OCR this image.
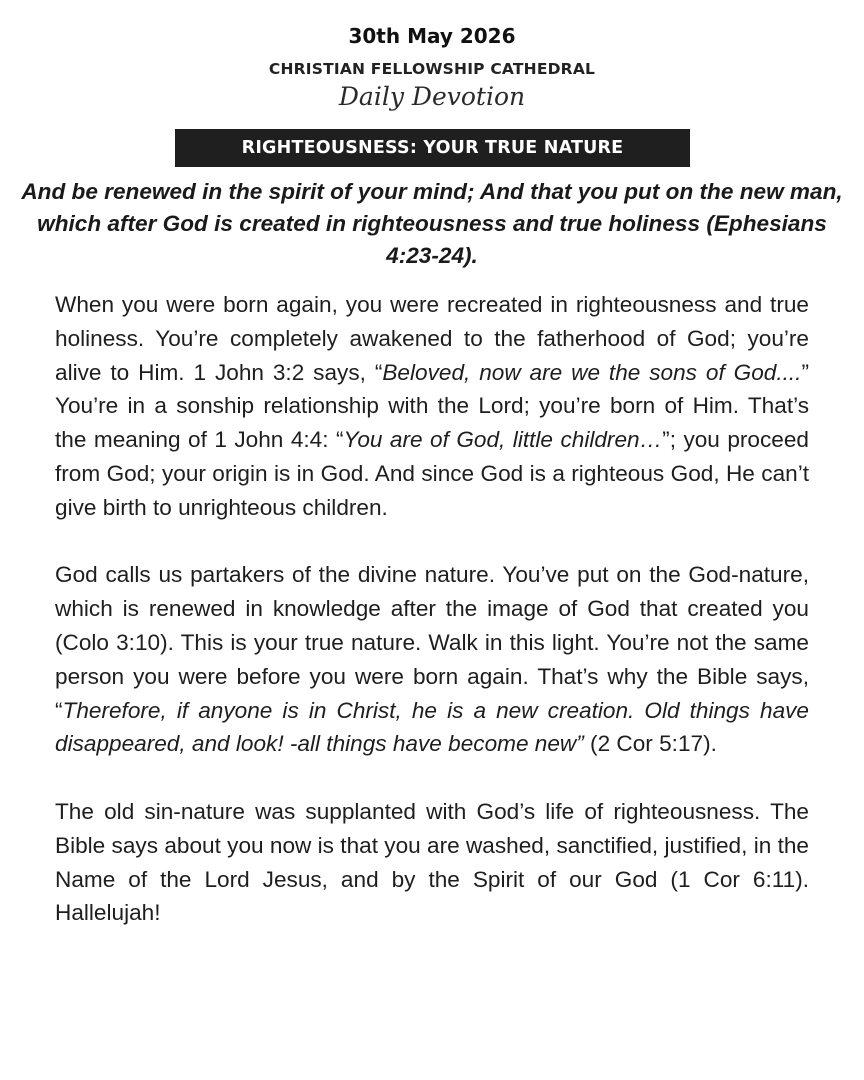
30th May 2026
CHRISTIAN FELLOWSHIP CATHEDRAL
Daily Devotion
RIGHTEOUSNESS: YOUR TRUE NATURE
And be renewed in the spirit of your mind; And that you put on the new man, which after God is created in righteousness and true holiness (Ephesians 4:23-24).

When you were born again, you were recreated in righteousness and true holiness. You’re completely awakened to the fatherhood of God; you’re alive to Him. 1 John 3:2 says, “Beloved, now are we the sons of God....” You’re in a sonship relationship with the Lord; you’re born of Him. That’s the meaning of 1 John 4:4: “You are of God, little children…”; you proceed from God; your origin is in God. And since God is a righteous God, He can’t give birth to unrighteous children.

God calls us partakers of the divine nature. You’ve put on the God-nature, which is renewed in knowledge after the image of God that created you (Colo 3:10). This is your true nature. Walk in this light. You’re not the same person you were before you were born again. That’s why the Bible says, “Therefore, if anyone is in Christ, he is a new creation. Old things have disappeared, and look! -all things have become new” (2 Cor 5:17).

The old sin-nature was supplanted with God’s life of righteousness. The Bible says about you now is that you are washed, sanctified, justified, in the Name of the Lord Jesus, and by the Spirit of our God (1 Cor 6:11). Hallelujah!
